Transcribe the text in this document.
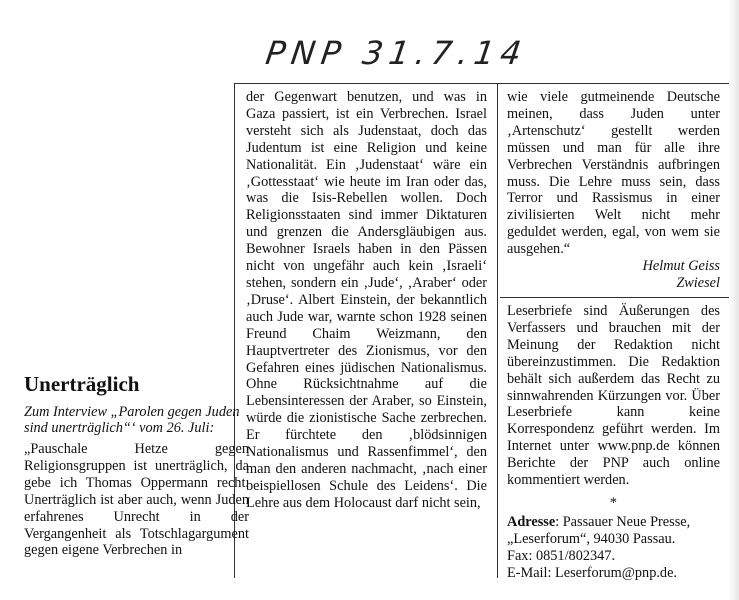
PNP 31.7.14
Unerträglich
Zum Interview „Parolen gegen Juden sind unerträglich“‘ vom 26. Juli:

„Pauschale Hetze gegen Religionsgruppen ist unerträglich, da gebe ich Thomas Oppermann recht. Unerträglich ist aber auch, wenn Juden erfahrenes Unrecht in der Vergangenheit als Totschlagargument gegen eigene Verbrechen in

der Gegenwart benutzen, und was in Gaza passiert, ist ein Verbrechen. Israel versteht sich als Judenstaat, doch das Judentum ist eine Religion und keine Nationalität. Ein ‚Judenstaat‘ wäre ein ‚Gottesstaat‘ wie heute im Iran oder das, was die Isis-Rebellen wollen. Doch Religionsstaaten sind immer Diktaturen und grenzen die Andersgläubigen aus. Bewohner Israels haben in den Pässen nicht von ungefähr auch kein ‚Israeli‘ stehen, sondern ein ‚Jude‘, ‚Araber‘ oder ‚Druse‘. Albert Einstein, der bekanntlich auch Jude war, warnte schon 1928 seinen Freund Chaim Weizmann, den Hauptvertreter des Zionismus, vor den Gefahren eines jüdischen Nationalismus. Ohne Rücksichtnahme auf die Lebensinteressen der Araber, so Einstein, würde die zionistische Sache zerbrechen. Er fürchtete den ‚blödsinnigen Nationalismus und Rassenfimmel‘, den man den anderen nachmacht, ‚nach einer beispiellosen Schule des Leidens‘. Die Lehre aus dem Holocaust darf nicht sein,

wie viele gutmeinende Deutsche meinen, dass Juden unter ‚Artenschutz‘ gestellt werden müssen und man für alle ihre Verbrechen Verständnis aufbringen muss. Die Lehre muss sein, dass Terror und Rassismus in einer zivilisierten Welt nicht mehr geduldet werden, egal, von wem sie ausgehen.“

Helmut Geiss
Zwiesel

Leserbriefe sind Äußerungen des Verfassers und brauchen mit der Meinung der Redaktion nicht übereinzustimmen. Die Redaktion behält sich außerdem das Recht zu sinnwahrenden Kürzungen vor. Über Leserbriefe kann keine Korrespondenz geführt werden. Im Internet unter www.pnp.de können Berichte der PNP auch online kommentiert werden.

*
Adresse: Passauer Neue Presse,
„Leserforum“, 94030 Passau.
Fax: 0851/802347.
E-Mail: Leserforum@pnp.de.
